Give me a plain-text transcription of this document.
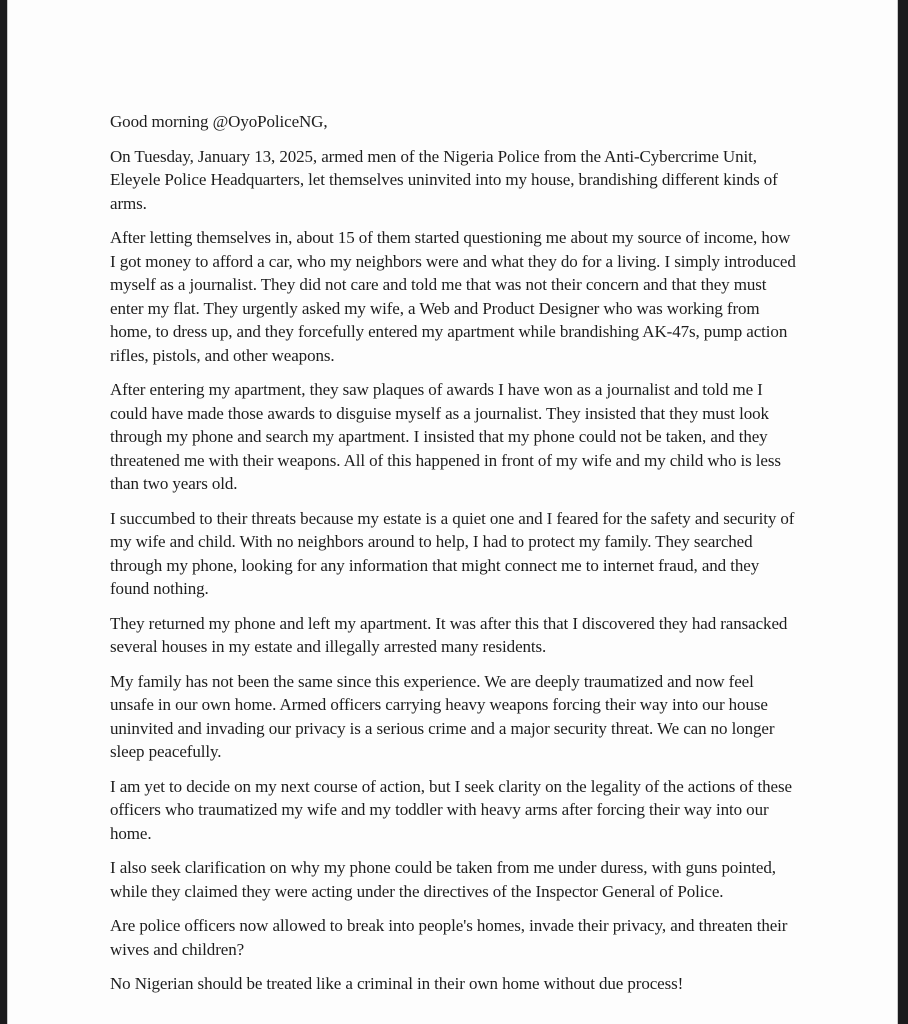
Good morning @OyoPoliceNG,

On Tuesday, January 13, 2025, armed men of the Nigeria Police from the Anti-Cybercrime Unit, Eleyele Police Headquarters, let themselves uninvited into my house, brandishing different kinds of arms.

After letting themselves in, about 15 of them started questioning me about my source of income, how I got money to afford a car, who my neighbors were and what they do for a living. I simply introduced myself as a journalist. They did not care and told me that was not their concern and that they must enter my flat. They urgently asked my wife, a Web and Product Designer who was working from home, to dress up, and they forcefully entered my apartment while brandishing AK-47s, pump action rifles, pistols, and other weapons.

After entering my apartment, they saw plaques of awards I have won as a journalist and told me I could have made those awards to disguise myself as a journalist. They insisted that they must look through my phone and search my apartment. I insisted that my phone could not be taken, and they threatened me with their weapons. All of this happened in front of my wife and my child who is less than two years old.

I succumbed to their threats because my estate is a quiet one and I feared for the safety and security of my wife and child. With no neighbors around to help, I had to protect my family. They searched through my phone, looking for any information that might connect me to internet fraud, and they found nothing.

They returned my phone and left my apartment. It was after this that I discovered they had ransacked several houses in my estate and illegally arrested many residents.

My family has not been the same since this experience. We are deeply traumatized and now feel unsafe in our own home. Armed officers carrying heavy weapons forcing their way into our house uninvited and invading our privacy is a serious crime and a major security threat. We can no longer sleep peacefully.

I am yet to decide on my next course of action, but I seek clarity on the legality of the actions of these officers who traumatized my wife and my toddler with heavy arms after forcing their way into our home.

I also seek clarification on why my phone could be taken from me under duress, with guns pointed, while they claimed they were acting under the directives of the Inspector General of Police.

Are police officers now allowed to break into people's homes, invade their privacy, and threaten their wives and children?

No Nigerian should be treated like a criminal in their own home without due process!
